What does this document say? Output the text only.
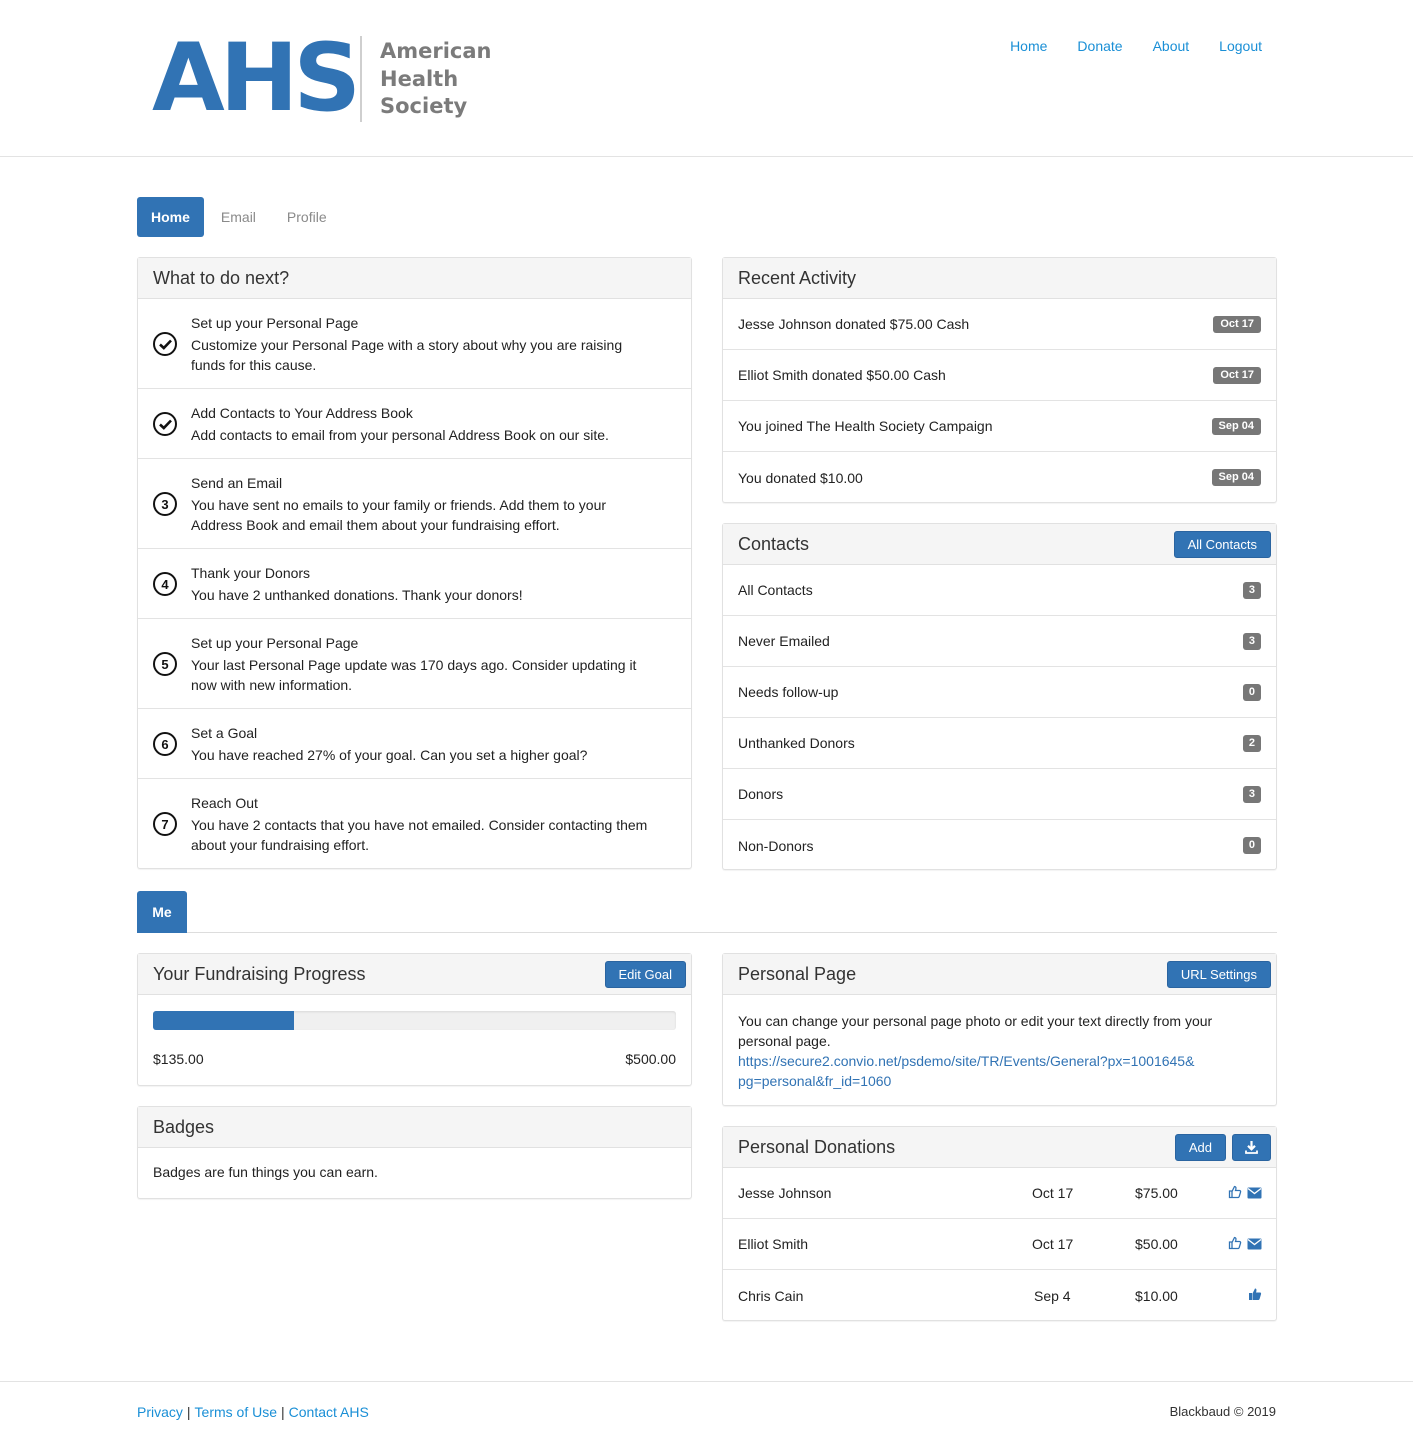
AHS American
Health
Society
Home Donate About Logout
Home	Email	Profile
What to do next?
Set up your Personal Page
Customize your Personal Page with a story about why you are raising funds for this cause.
Add Contacts to Your Address Book
Add contacts to email from your personal Address Book on our site.
3
Send an Email
You have sent no emails to your family or friends. Add them to your Address Book and email them about your fundraising effort.
4
Thank your Donors
You have 2 unthanked donations. Thank your donors!
5
Set up your Personal Page
Your last Personal Page update was 170 days ago. Consider updating it now with new information.
6
Set a Goal
You have reached 27% of your goal. Can you set a higher goal?
7
Reach Out
You have 2 contacts that you have not emailed. Consider contacting them about your fundraising effort.
Recent Activity
Jesse Johnson donated $75.00 Cash	Oct 17
Elliot Smith donated $50.00 Cash	Oct 17
You joined The Health Society Campaign	Sep 04
You donated $10.00	Sep 04
Contacts	All Contacts
All Contacts	3
Never Emailed	3
Needs follow-up	0
Unthanked Donors	2
Donors	3
Non-Donors	0
Me
Your Fundraising Progress	Edit Goal
$135.00	$500.00
Badges
Badges are fun things you can earn.
Personal Page	URL Settings
You can change your personal page photo or edit your text directly from your personal page.
https://secure2.convio.net/psdemo/site/TR/Events/General?px=1001645&
pg=personal&fr_id=1060
Personal Donations	Add
Jesse Johnson	Oct 17	$75.00
Elliot Smith	Oct 17	$50.00
Chris Cain	Sep 4	$10.00
Privacy | Terms of Use | Contact AHS	Blackbaud © 2019
